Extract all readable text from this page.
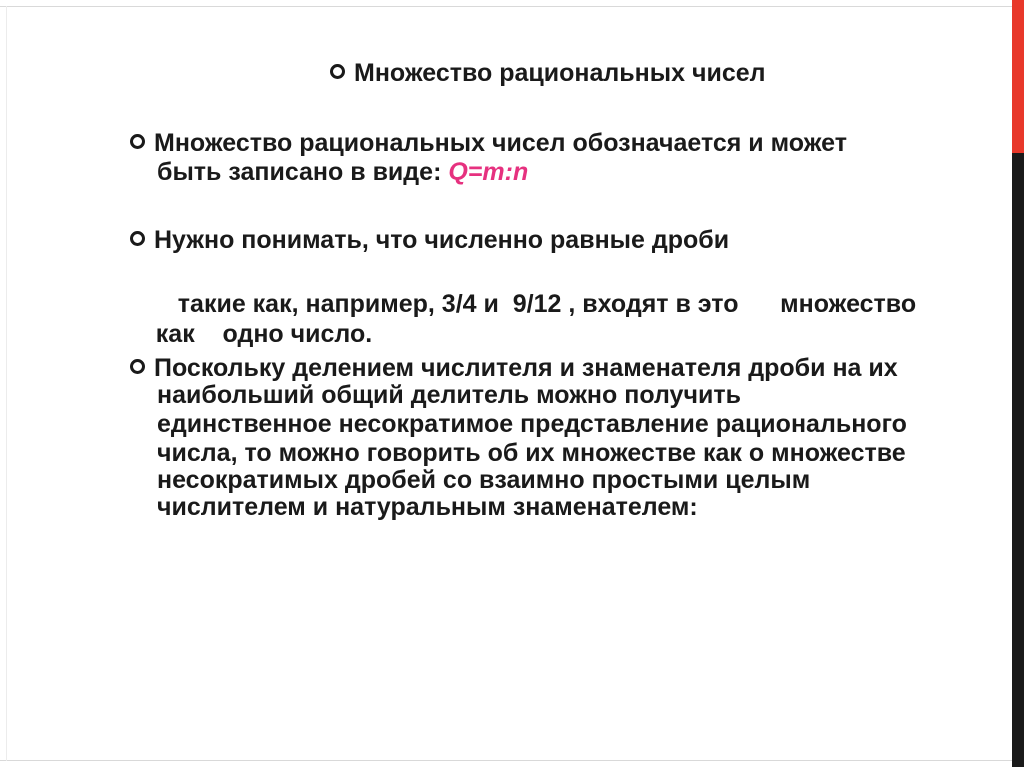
Множество рациональных чисел
Множество рациональных чисел обозначается и может
быть записано в виде: Q=m:n
Нужно понимать, что численно равные дроби

такие как, например, 3/4 и  9/12 , входят в это      множество

как    одно число.

Поскольку делением числителя и знаменателя дроби на их
наибольший общий делитель можно получить
единственное несократимое представление рационального
числа, то можно говорить об их множестве как о множестве
несократимых дробей со взаимно простыми целым
числителем и натуральным знаменателем:
